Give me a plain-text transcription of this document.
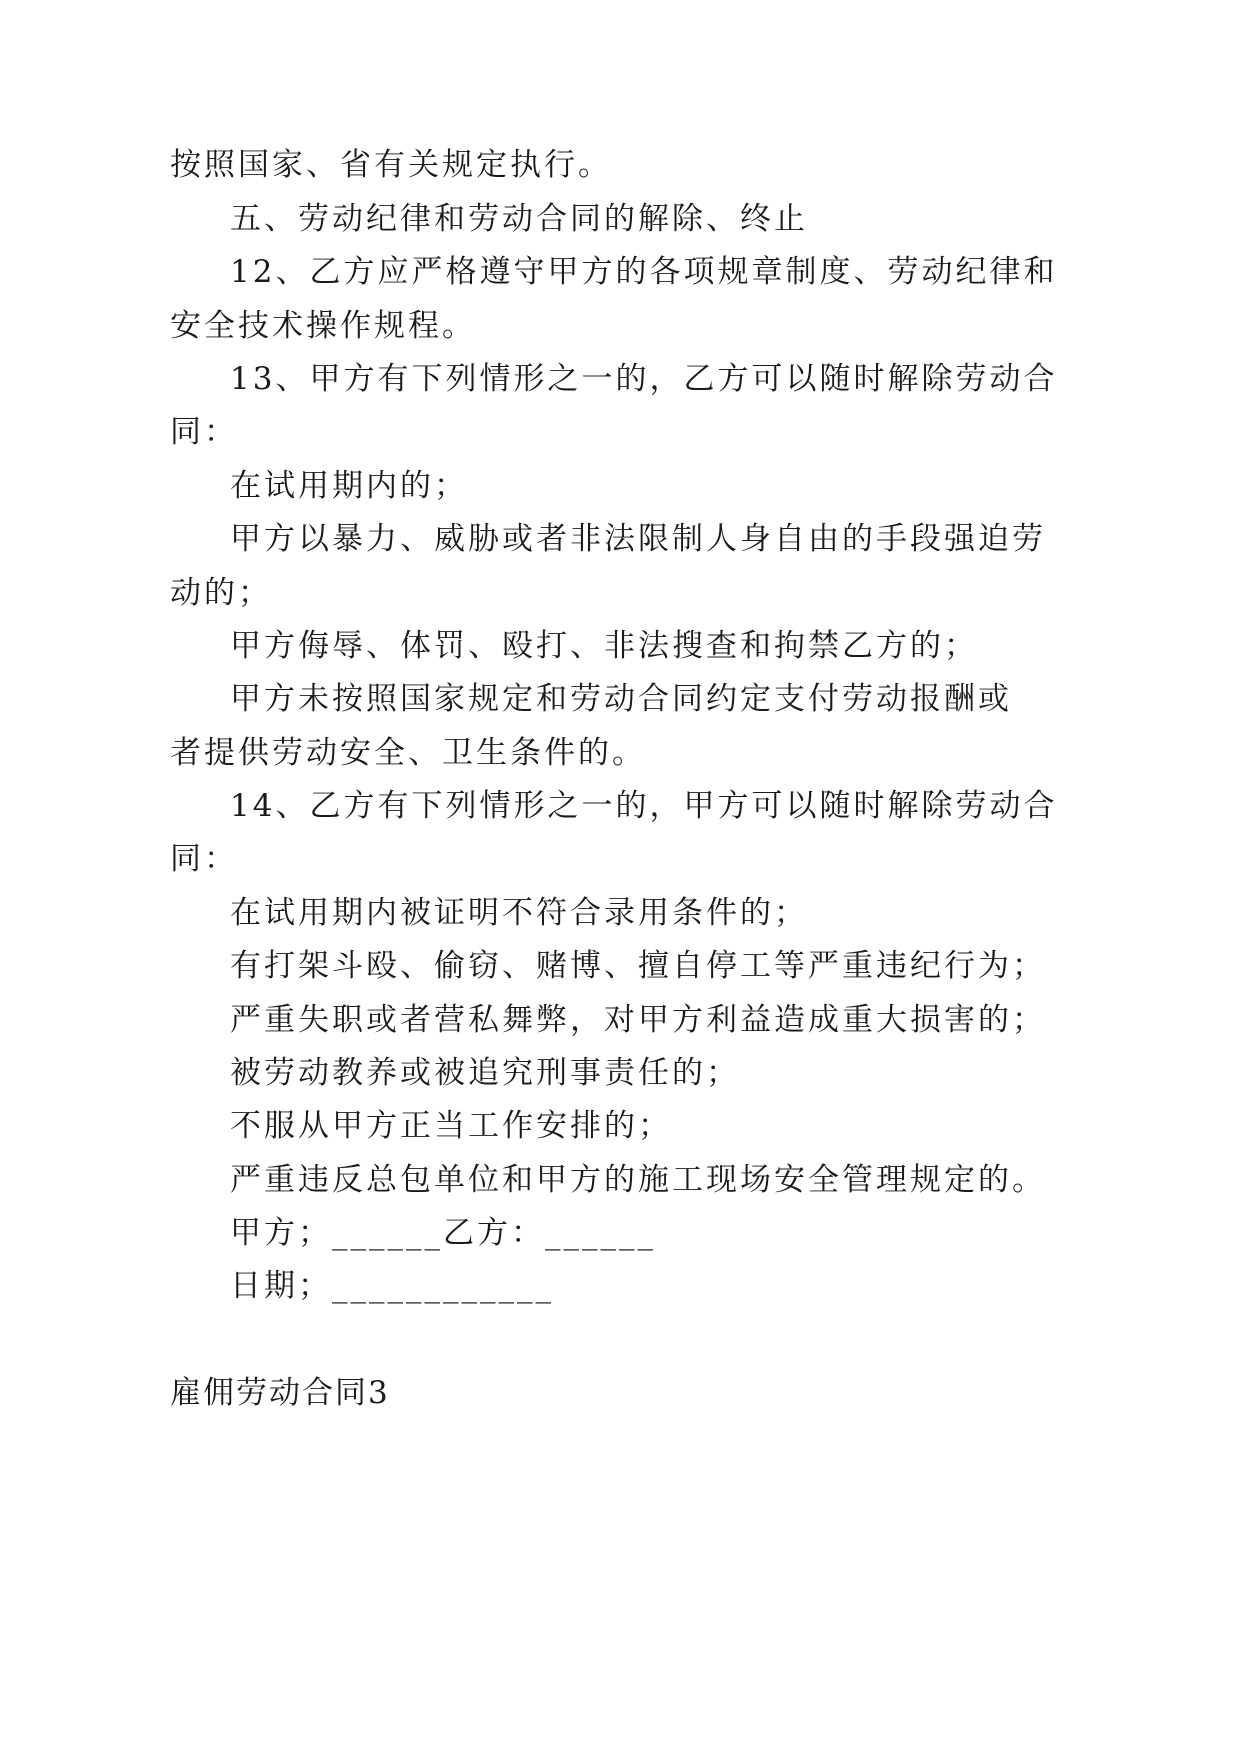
按照国家、省有关规定执行。
五、劳动纪律和劳动合同的解除、终止
12、乙方应严格遵守甲方的各项规章制度、劳动纪律和
安全技术操作规程。
13、甲方有下列情形之一的，乙方可以随时解除劳动合
同：
在试用期内的；
甲方以暴力、威胁或者非法限制人身自由的手段强迫劳
动的；
甲方侮辱、体罚、殴打、非法搜查和拘禁乙方的；
甲方未按照国家规定和劳动合同约定支付劳动报酬或
者提供劳动安全、卫生条件的。
14、乙方有下列情形之一的，甲方可以随时解除劳动合
同：
在试用期内被证明不符合录用条件的；
有打架斗殴、偷窃、赌博、擅自停工等严重违纪行为；
严重失职或者营私舞弊，对甲方利益造成重大损害的；
被劳动教养或被追究刑事责任的；
不服从甲方正当工作安排的；
严重违反总包单位和甲方的施工现场安全管理规定的。
甲方；______乙方：______
日期；____________
雇佣劳动合同3
